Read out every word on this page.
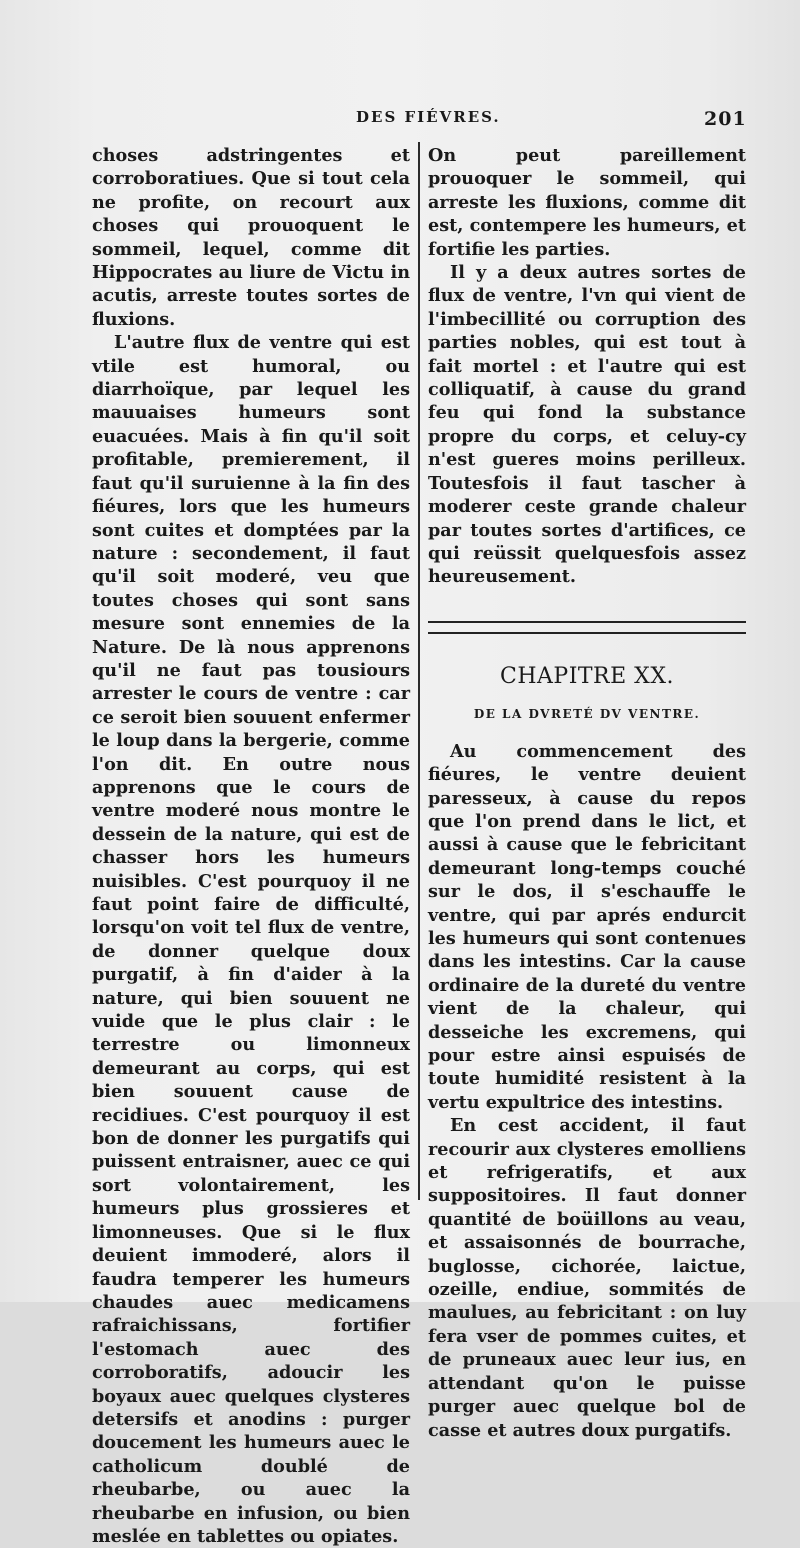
DES FIÉVRES.	201

choses adstringentes et corroboratiues. Que si tout cela ne profite, on recourt aux choses qui prouoquent le sommeil, lequel, comme dit Hippocrates au liure de Victu in acutis, arreste toutes sortes de fluxions.

L'autre flux de ventre qui est vtile est humoral, ou diarrhoïque, par lequel les mauuaises humeurs sont euacuées. Mais à fin qu'il soit profitable, premierement, il faut qu'il suruienne à la fin des fiéures, lors que les humeurs sont cuites et domptées par la nature : secondement, il faut qu'il soit moderé, veu que toutes choses qui sont sans mesure sont ennemies de la Nature. De là nous apprenons qu'il ne faut pas tousiours arrester le cours de ventre : car ce seroit bien souuent enfermer le loup dans la bergerie, comme l'on dit. En outre nous apprenons que le cours de ventre moderé nous montre le dessein de la nature, qui est de chasser hors les humeurs nuisibles. C'est pourquoy il ne faut point faire de difficulté, lorsqu'on voit tel flux de ventre, de donner quelque doux purgatif, à fin d'aider à la nature, qui bien souuent ne vuide que le plus clair : le terrestre ou limonneux demeurant au corps, qui est bien souuent cause de recidiues. C'est pourquoy il est bon de donner les purgatifs qui puissent entraisner, auec ce qui sort volontairement, les humeurs plus grossieres et limonneuses. Que si le flux deuient immoderé, alors il faudra temperer les humeurs chaudes auec medicamens rafraichissans, fortifier l'estomach auec des corroboratifs, adoucir les boyaux auec quelques clysteres detersifs et anodins : purger doucement les humeurs auec le catholicum doublé de rheubarbe, ou auec la rheubarbe en infusion, ou bien meslée en tablettes ou opiates.

On peut pareillement prouoquer le sommeil, qui arreste les fluxions, comme dit est, contempere les humeurs, et fortifie les parties.

Il y a deux autres sortes de flux de ventre, l'vn qui vient de l'imbecillité ou corruption des parties nobles, qui est tout à fait mortel : et l'autre qui est colliquatif, à cause du grand feu qui fond la substance propre du corps, et celuy-cy n'est gueres moins perilleux. Toutesfois il faut tascher à moderer ceste grande chaleur par toutes sortes d'artifices, ce qui reüssit quelquesfois assez heureusement.

CHAPITRE XX.
DE LA DVRETÉ DV VENTRE.

Au commencement des fiéures, le ventre deuient paresseux, à cause du repos que l'on prend dans le lict, et aussi à cause que le febricitant demeurant long-temps couché sur le dos, il s'eschauffe le ventre, qui par aprés endurcit les humeurs qui sont contenues dans les intestins. Car la cause ordinaire de la dureté du ventre vient de la chaleur, qui desseiche les excremens, qui pour estre ainsi espuisés de toute humidité resistent à la vertu expultrice des intestins.

En cest accident, il faut recourir aux clysteres emolliens et refrigeratifs, et aux suppositoires. Il faut donner quantité de boüillons au veau, et assaisonnés de bourrache, buglosse, cichorée, laictue, ozeille, endiue, sommités de maulues, au febricitant : on luy fera vser de pommes cuites, et de pruneaux auec leur ius, en attendant qu'on le puisse purger auec quelque bol de casse et autres doux purgatifs.
